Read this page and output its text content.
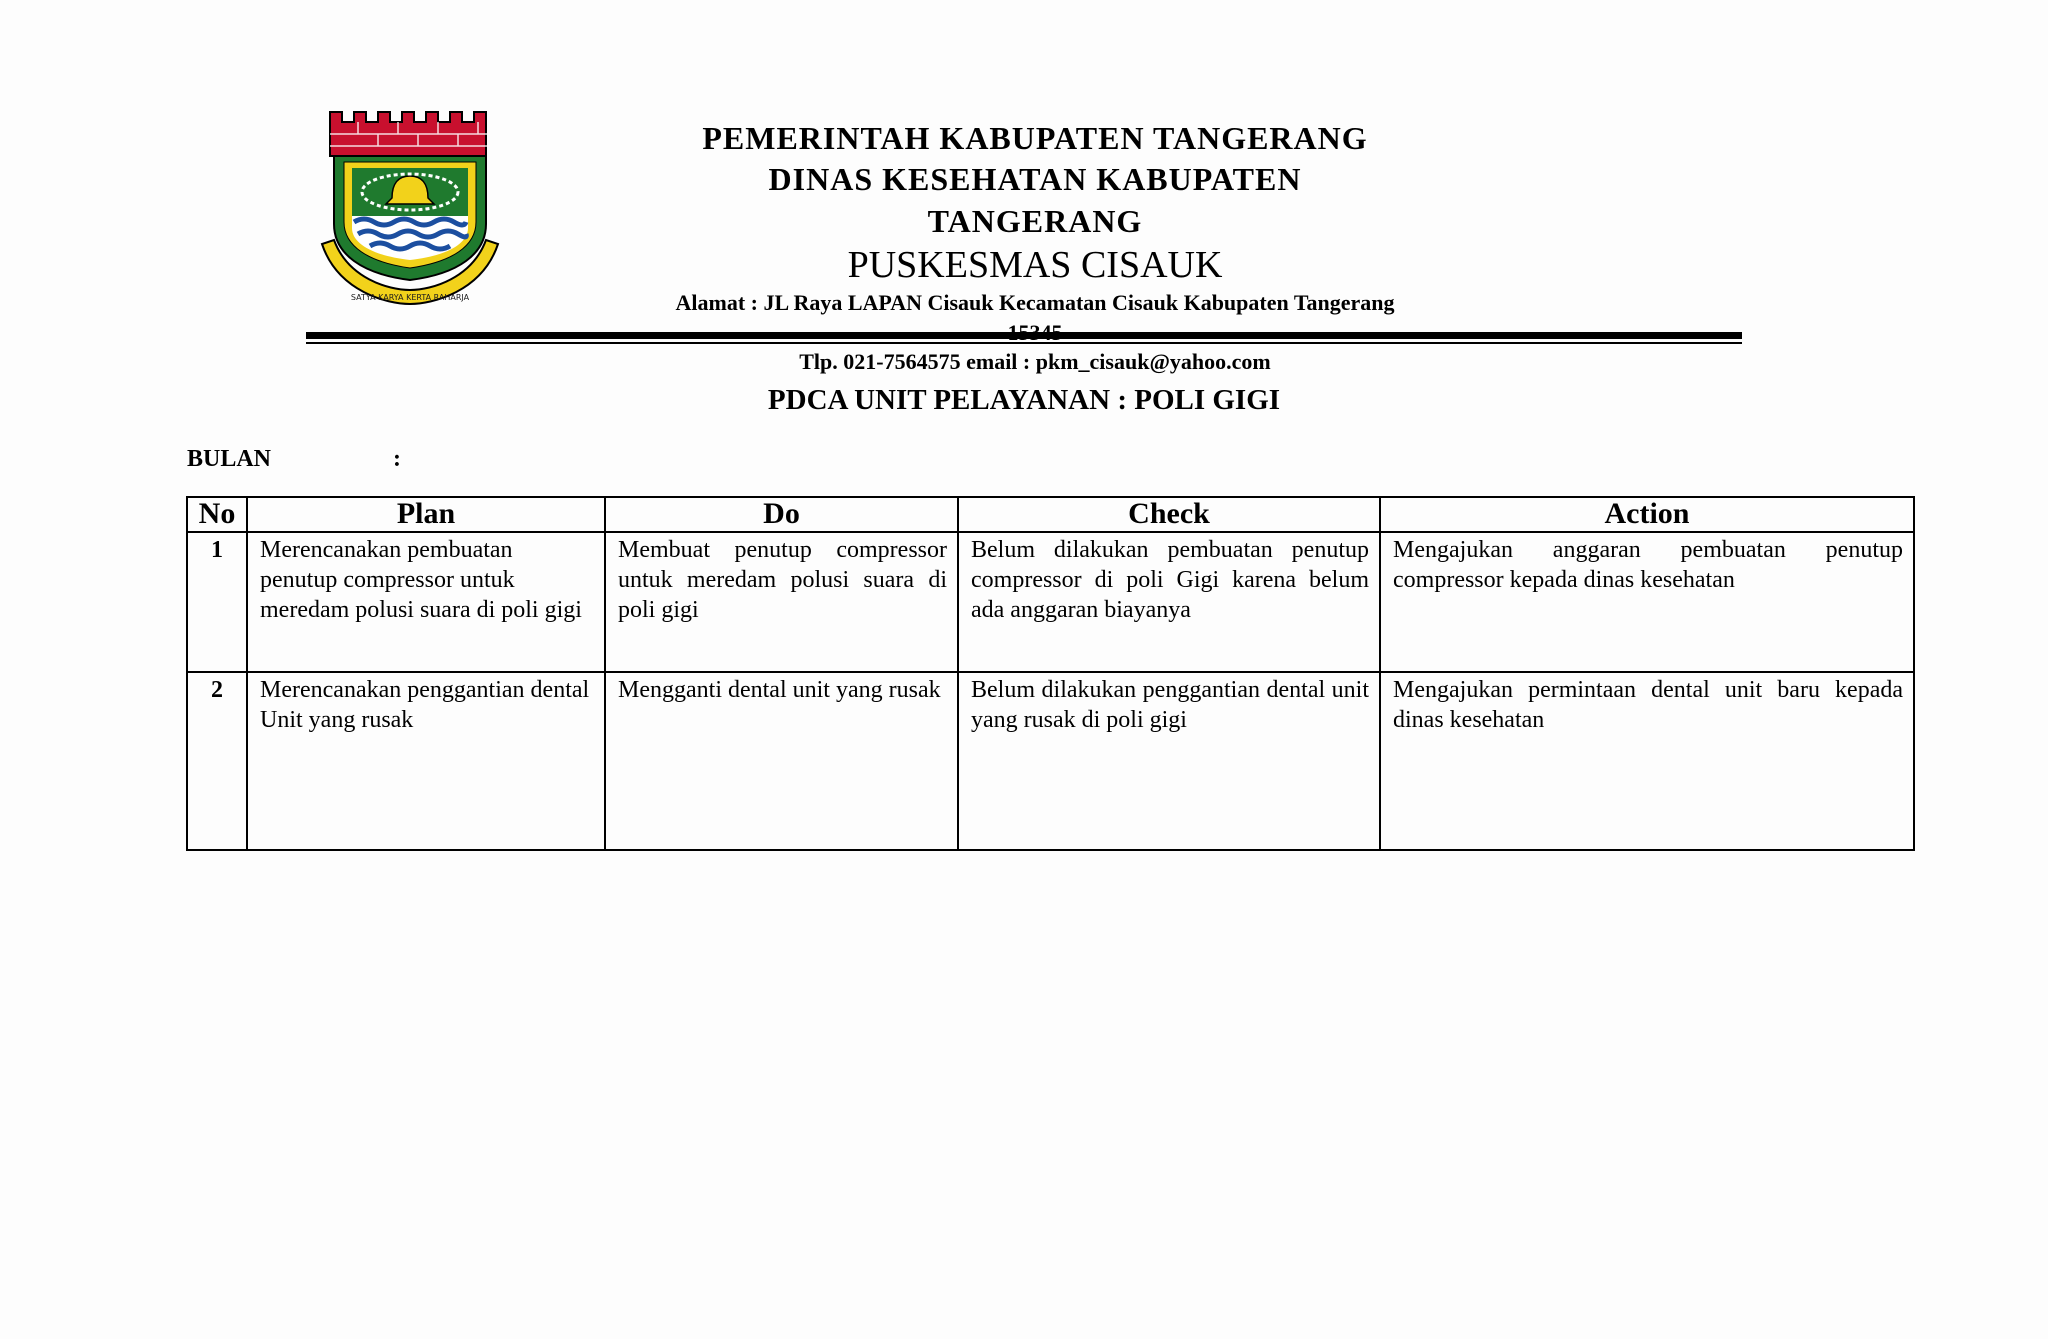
SATYA KARYA KERTA RAHARJA
PEMERINTAH KABUPATEN TANGERANG
DINAS KESEHATAN KABUPATEN TANGERANG
PUSKESMAS CISAUK
Alamat : JL Raya LAPAN Cisauk Kecamatan Cisauk Kabupaten Tangerang
Tlp. 021-7564575 email : pkm_cisauk@yahoo.com
PDCA UNIT PELAYANAN : POLI GIGI
BULAN	:
No	Plan	Do	Check	Action
1	Merencanakan pembuatan penutup compressor untuk meredam polusi suara di poli gigi	Membuat penutup compressor untuk meredam polusi suara di poli gigi	Belum dilakukan pembuatan penutup compressor di poli Gigi karena belum ada anggaran biayanya	Mengajukan anggaran pembuatan penutup compressor kepada dinas kesehatan
2	Merencanakan penggantian dental Unit yang rusak	Mengganti dental unit yang rusak	Belum dilakukan penggantian dental unit yang rusak di poli gigi	Mengajukan permintaan dental unit baru kepada dinas kesehatan
